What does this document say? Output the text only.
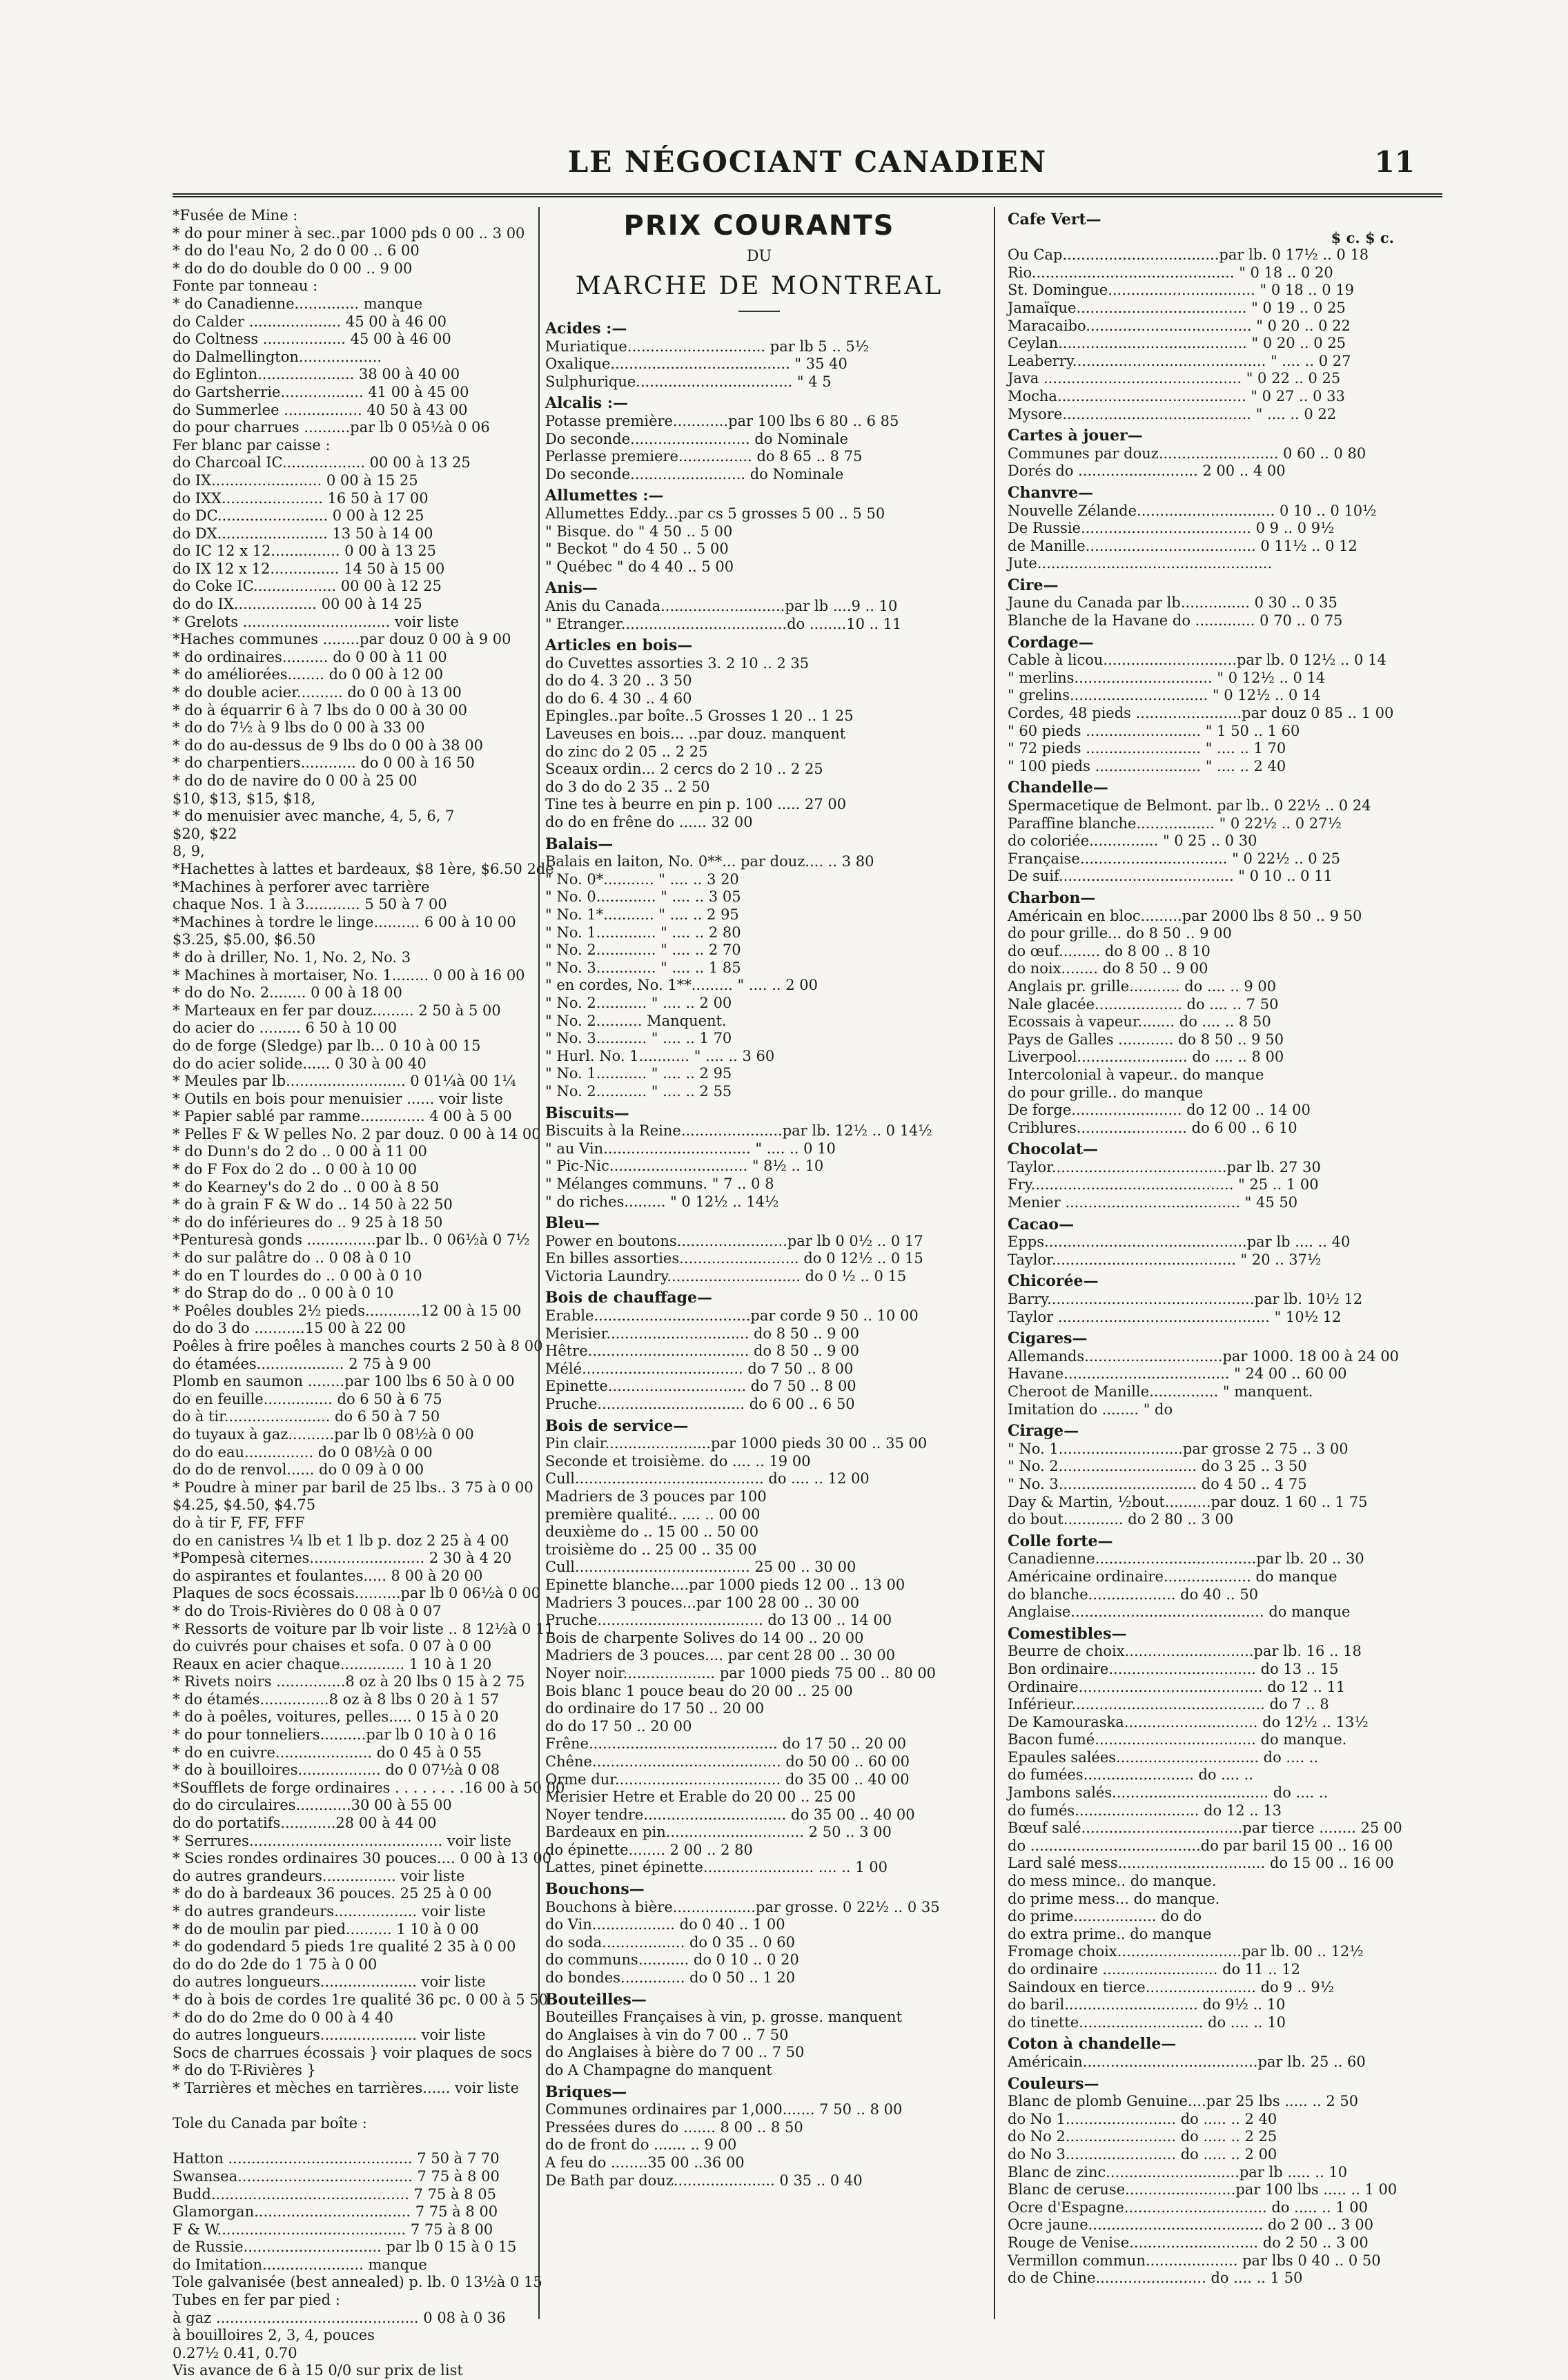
LE NÉGOCIANT CANADIEN	11
*Fusée de Mine :
* do pour miner à sec..par 1000 pds 0 00 .. 3 00
* do do l'eau No, 2 do 0 00 .. 6 00
* do do do double do 0 00 .. 9 00
Fonte par tonneau :
* do Canadienne.............. manque
do Calder .................... 45 00 à 46 00
do Coltness .................. 45 00 à 46 00
do Dalmellington..................
do Eglinton..................... 38 00 à 40 00
do Gartsherrie.................. 41 00 à 45 00
do Summerlee ................. 40 50 à 43 00
do pour charrues ..........par lb 0 05½à 0 06
Fer blanc par caisse :
do Charcoal IC.................. 00 00 à 13 25
do IX........................ 0 00 à 15 25
do IXX...................... 16 50 à 17 00
do DC........................ 0 00 à 12 25
do DX........................ 13 50 à 14 00
do IC 12 x 12............... 0 00 à 13 25
do IX 12 x 12............... 14 50 à 15 00
do Coke IC.................. 00 00 à 12 25
do do IX.................. 00 00 à 14 25
* Grelots ................................ voir liste
*Haches communes ........par douz 0 00 à 9 00
* do ordinaires.......... do 0 00 à 11 00
* do améliorées........ do 0 00 à 12 00
* do double acier.......... do 0 00 à 13 00
* do à équarrir 6 à 7 lbs do 0 00 à 30 00
* do do 7½ à 9 lbs do 0 00 à 33 00
* do do au-dessus de 9 lbs do 0 00 à 38 00
* do charpentiers............ do 0 00 à 16 50
* do do de navire do 0 00 à 25 00
$10, $13, $15, $18,
* do menuisier avec manche, 4, 5, 6, 7
$20, $22
8, 9,
*Hachettes à lattes et bardeaux, $8 1ère, $6.50 2de
*Machines à perforer avec tarrière
chaque Nos. 1 à 3............ 5 50 à 7 00
*Machines à tordre le linge.......... 6 00 à 10 00
$3.25, $5.00, $6.50
* do à driller, No. 1, No. 2, No. 3
* Machines à mortaiser, No. 1........ 0 00 à 16 00
* do do No. 2........ 0 00 à 18 00
* Marteaux en fer par douz......... 2 50 à 5 00
do acier do ......... 6 50 à 10 00
do de forge (Sledge) par lb... 0 10 à 00 15
do do acier solide...... 0 30 à 00 40
* Meules par lb.......................... 0 01¼à 00 1¼
* Outils en bois pour menuisier ...... voir liste
* Papier sablé par ramme.............. 4 00 à 5 00
* Pelles F & W pelles No. 2 par douz. 0 00 à 14 00
* do Dunn's do 2 do .. 0 00 à 11 00
* do F Fox do 2 do .. 0 00 à 10 00
* do Kearney's do 2 do .. 0 00 à 8 50
* do à grain F & W do .. 14 50 à 22 50
* do do inférieures do .. 9 25 à 18 50
*Penturesà gonds ...............par lb.. 0 06½à 0 7½
* do sur palâtre do .. 0 08 à 0 10
* do en T lourdes do .. 0 00 à 0 10
* do Strap do do .. 0 00 à 0 10
* Poêles doubles 2½ pieds............12 00 à 15 00
do do 3 do ...........15 00 à 22 00
Poêles à frire poêles à manches courts 2 50 à 8 00
do étamées................... 2 75 à 9 00
Plomb en saumon ........par 100 lbs 6 50 à 0 00
do en feuille............... do 6 50 à 6 75
do à tir....................... do 6 50 à 7 50
do tuyaux à gaz..........par lb 0 08½à 0 00
do do eau............... do 0 08½à 0 00
do do de renvol...... do 0 09 à 0 00
* Poudre à miner par baril de 25 lbs.. 3 75 à 0 00
$4.25, $4.50, $4.75
do à tir F, FF, FFF
do en canistres ¼ lb et 1 lb p. doz 2 25 à 4 00
*Pompesà citernes......................... 2 30 à 4 20
do aspirantes et foulantes..... 8 00 à 20 00
Plaques de socs écossais..........par lb 0 06½à 0 00
* do do Trois-Rivières do 0 08 à 0 07
* Ressorts de voiture par lb voir liste .. 8 12½à 0 11
do cuivrés pour chaises et sofa. 0 07 à 0 00
Reaux en acier chaque.............. 1 10 à 1 20
* Rivets noirs ...............8 oz à 20 lbs 0 15 à 2 75
* do étamés...............8 oz à 8 lbs 0 20 à 1 57
* do à poêles, voitures, pelles..... 0 15 à 0 20
* do pour tonneliers..........par lb 0 10 à 0 16
* do en cuivre..................... do 0 45 à 0 55
* do à bouilloires.................. do 0 07½à 0 08
*Soufflets de forge ordinaires . . . . . . . .16 00 à 50 00
do do circulaires............30 00 à 55 00
do do portatifs............28 00 à 44 00
* Serrures.......................................... voir liste
* Scies rondes ordinaires 30 pouces.... 0 00 à 13 00
do autres grandeurs................ voir liste
* do do à bardeaux 36 pouces. 25 25 à 0 00
* do autres grandeurs.................. voir liste
* do de moulin par pied.......... 1 10 à 0 00
* do godendard 5 pieds 1re qualité 2 35 à 0 00
do do do 2de do 1 75 à 0 00
do autres longueurs..................... voir liste
* do à bois de cordes 1re qualité 36 pc. 0 00 à 5 50
* do do do 2me do 0 00 à 4 40
do autres longueurs..................... voir liste
Socs de charrues écossais } voir plaques de socs
* do do T-Rivières }
* Tarrières et mèches en tarrières...... voir liste
Tole du Canada par boîte :
Hatton ........................................ 7 50 à 7 70
Swansea...................................... 7 75 à 8 00
Budd........................................... 7 75 à 8 05
Glamorgan.................................. 7 75 à 8 00
F & W......................................... 7 75 à 8 00
de Russie.............................. par lb 0 15 à 0 15
do Imitation...................... manque
Tole galvanisée (best annealed) p. lb. 0 13½à 0 15
Tubes en fer par pied :
à gaz ............................................ 0 08 à 0 36
à bouilloires 2, 3, 4, pouces
0.27½ 0.41, 0.70
Vis avance de 6 à 15 0/0 sur prix de list
PRIX COURANTS
DU
MARCHE DE MONTREAL
Acides :—
Muriatique.............................. par lb 5 .. 5½
Oxalique....................................... " 35 40
Sulphurique.................................. " 4 5
Alcalis :—
Potasse première............par 100 lbs 6 80 .. 6 85
Do seconde.......................... do Nominale
Perlasse premiere................ do 8 65 .. 8 75
Do seconde......................... do Nominale
Allumettes :—
Allumettes Eddy...par cs 5 grosses 5 00 .. 5 50
" Bisque. do " 4 50 .. 5 00
" Beckot " do 4 50 .. 5 00
" Québec " do 4 40 .. 5 00
Anis—
Anis du Canada...........................par lb ....9 .. 10
" Etranger....................................do ........10 .. 11
Articles en bois—
do Cuvettes assorties 3. 2 10 .. 2 35
do do 4. 3 20 .. 3 50
do do 6. 4 30 .. 4 60
Epingles..par boîte..5 Grosses 1 20 .. 1 25
Laveuses en bois... ..par douz. manquent
do zinc do 2 05 .. 2 25
Sceaux ordin... 2 cercs do 2 10 .. 2 25
do 3 do do 2 35 .. 2 50
Tine tes à beurre en pin p. 100 ..... 27 00
do do en frêne do ...... 32 00
Balais—
Balais en laiton, No. 0**... par douz.... .. 3 80
" No. 0*........... " .... .. 3 20
" No. 0............. " .... .. 3 05
" No. 1*........... " .... .. 2 95
" No. 1............. " .... .. 2 80
" No. 2............. " .... .. 2 70
" No. 3............. " .... .. 1 85
" en cordes, No. 1**......... " .... .. 2 00
" No. 2........... " .... .. 2 00
" No. 2.......... Manquent.
" No. 3........... " .... .. 1 70
" Hurl. No. 1........... " .... .. 3 60
" No. 1........... " .... .. 2 95
" No. 2........... " .... .. 2 55
Biscuits—
Biscuits à la Reine......................par lb. 12½ .. 0 14½
" au Vin................................ " .... .. 0 10
" Pic-Nic.............................. " 8½ .. 10
" Mélanges communs. " 7 .. 0 8
" do riches......... " 0 12½ .. 14½
Bleu—
Power en boutons........................par lb 0 0½ .. 0 17
En billes assorties.......................... do 0 12½ .. 0 15
Victoria Laundry............................. do 0 ½ .. 0 15
Bois de chauffage—
Erable..................................par corde 9 50 .. 10 00
Merisier............................... do 8 50 .. 9 00
Hêtre................................... do 8 50 .. 9 00
Mélé................................... do 7 50 .. 8 00
Epinette.............................. do 7 50 .. 8 00
Pruche................................ do 6 00 .. 6 50
Bois de service—
Pin clair.......................par 1000 pieds 30 00 .. 35 00
Seconde et troisième. do .... .. 19 00
Cull......................................... do .... .. 12 00
Madriers de 3 pouces par 100
première qualité.. .... .. 00 00
deuxième do .. 15 00 .. 50 00
troisième do .. 25 00 .. 35 00
Cull...................................... 25 00 .. 30 00
Epinette blanche....par 1000 pieds 12 00 .. 13 00
Madriers 3 pouces...par 100 28 00 .. 30 00
Pruche.................................... do 13 00 .. 14 00
Bois de charpente Solives do 14 00 .. 20 00
Madriers de 3 pouces.... par cent 28 00 .. 30 00
Noyer noir.................... par 1000 pieds 75 00 .. 80 00
Bois blanc 1 pouce beau do 20 00 .. 25 00
do ordinaire do 17 50 .. 20 00
do do 17 50 .. 20 00
Frêne......................................... do 17 50 .. 20 00
Chêne......................................... do 50 00 .. 60 00
Orme dur.................................... do 35 00 .. 40 00
Merisier Hetre et Erable do 20 00 .. 25 00
Noyer tendre............................... do 35 00 .. 40 00
Bardeaux en pin.............................. 2 50 .. 3 00
do épinette........ 2 00 .. 2 80
Lattes, pinet épinette........................ .... .. 1 00
Bouchons—
Bouchons à bière..................par grosse. 0 22½ .. 0 35
do Vin.................. do 0 40 .. 1 00
do soda.................. do 0 35 .. 0 60
do communs........... do 0 10 .. 0 20
do bondes.............. do 0 50 .. 1 20
Bouteilles—
Bouteilles Françaises à vin, p. grosse. manquent
do Anglaises à vin do 7 00 .. 7 50
do Anglaises à bière do 7 00 .. 7 50
do A Champagne do manquent
Briques—
Communes ordinaires par 1,000....... 7 50 .. 8 00
Pressées dures do ....... 8 00 .. 8 50
do de front do ....... .. 9 00
A feu do ........35 00 ..36 00
De Bath par douz...................... 0 35 .. 0 40
Cafe Vert—
$ c. $ c.
Ou Cap..................................par lb. 0 17½ .. 0 18
Rio............................................ " 0 18 .. 0 20
St. Domingue................................ " 0 18 .. 0 19
Jamaïque..................................... " 0 19 .. 0 25
Maracaibo.................................... " 0 20 .. 0 22
Ceylan......................................... " 0 20 .. 0 25
Leaberry.......................................... " .... .. 0 27
Java ........................................... " 0 22 .. 0 25
Mocha......................................... " 0 27 .. 0 33
Mysore......................................... " .... .. 0 22
Cartes à jouer—
Communes par douz.......................... 0 60 .. 0 80
Dorés do .......................... 2 00 .. 4 00
Chanvre—
Nouvelle Zélande.............................. 0 10 .. 0 10½
De Russie..................................... 0 9 .. 0 9½
de Manille..................................... 0 11½ .. 0 12
Jute...................................................
Cire—
Jaune du Canada par lb............... 0 30 .. 0 35
Blanche de la Havane do ............. 0 70 .. 0 75
Cordage—
Cable à licou.............................par lb. 0 12½ .. 0 14
" merlins.............................. " 0 12½ .. 0 14
" grelins.............................. " 0 12½ .. 0 14
Cordes, 48 pieds .......................par douz 0 85 .. 1 00
" 60 pieds ......................... " 1 50 .. 1 60
" 72 pieds ......................... " .... .. 1 70
" 100 pieds ....................... " .... .. 2 40
Chandelle—
Spermacetique de Belmont. par lb.. 0 22½ .. 0 24
Paraffine blanche................. " 0 22½ .. 0 27½
do coloriée............... " 0 25 .. 0 30
Française................................ " 0 22½ .. 0 25
De suif...................................... " 0 10 .. 0 11
Charbon—
Américain en bloc.........par 2000 lbs 8 50 .. 9 50
do pour grille... do 8 50 .. 9 00
do œuf......... do 8 00 .. 8 10
do noix........ do 8 50 .. 9 00
Anglais pr. grille........... do .... .. 9 00
Nale glacée................... do .... .. 7 50
Ecossais à vapeur........ do .... .. 8 50
Pays de Galles ............ do 8 50 .. 9 50
Liverpool........................ do .... .. 8 00
Intercolonial à vapeur.. do manque
do pour grille.. do manque
De forge........................ do 12 00 .. 14 00
Criblures........................ do 6 00 .. 6 10
Chocolat—
Taylor......................................par lb. 27 30
Fry............................................ " 25 .. 1 00
Menier ...................................... " 45 50
Cacao—
Epps............................................par lb .... .. 40
Taylor........................................ " 20 .. 37½
Chicorée—
Barry.............................................par lb. 10½ 12
Taylor .............................................. " 10½ 12
Cigares—
Allemands..............................par 1000. 18 00 à 24 00
Havane.................................... " 24 00 .. 60 00
Cheroot de Manille............... " manquent.
Imitation do ........ " do
Cirage—
" No. 1...........................par grosse 2 75 .. 3 00
" No. 2.............................. do 3 25 .. 3 50
" No. 3.............................. do 4 50 .. 4 75
Day & Martin, ½bout..........par douz. 1 60 .. 1 75
do bout............. do 2 80 .. 3 00
Colle forte—
Canadienne...................................par lb. 20 .. 30
Américaine ordinaire................... do manque
do blanche................... do 40 .. 50
Anglaise.......................................... do manque
Comestibles—
Beurre de choix............................par lb. 16 .. 18
Bon ordinaire................................ do 13 .. 15
Ordinaire........................................ do 12 .. 11
Inférieur.......................................... do 7 .. 8
De Kamouraska............................. do 12½ .. 13½
Bacon fumé................................... do manque.
Epaules salées............................... do .... ..
do fumées........................ do .... ..
Jambons salés.................................. do .... ..
do fumés........................... do 12 .. 13
Bœuf salé...................................par tierce ........ 25 00
do .....................................do par baril 15 00 .. 16 00
Lard salé mess................................ do 15 00 .. 16 00
do mess mince.. do manque.
do prime mess... do manque.
do prime.................. do do
do extra prime.. do manque
Fromage choix...........................par lb. 00 .. 12½
do ordinaire ......................... do 11 .. 12
Saindoux en tierce........................ do 9 .. 9½
do baril............................. do 9½ .. 10
do tinette........................... do .... .. 10
Coton à chandelle—
Américain......................................par lb. 25 .. 60
Couleurs—
Blanc de plomb Genuine....par 25 lbs ..... .. 2 50
do No 1........................ do ..... .. 2 40
do No 2........................ do ..... .. 2 25
do No 3........................ do ..... .. 2 00
Blanc de zinc.............................par lb ..... .. 10
Blanc de ceruse........................par 100 lbs ..... .. 1 00
Ocre d'Espagne............................... do ..... .. 1 00
Ocre jaune...................................... do 2 00 .. 3 00
Rouge de Venise............................ do 2 50 .. 3 00
Vermillon commun.................... par lbs 0 40 .. 0 50
do de Chine........................ do .... .. 1 50
